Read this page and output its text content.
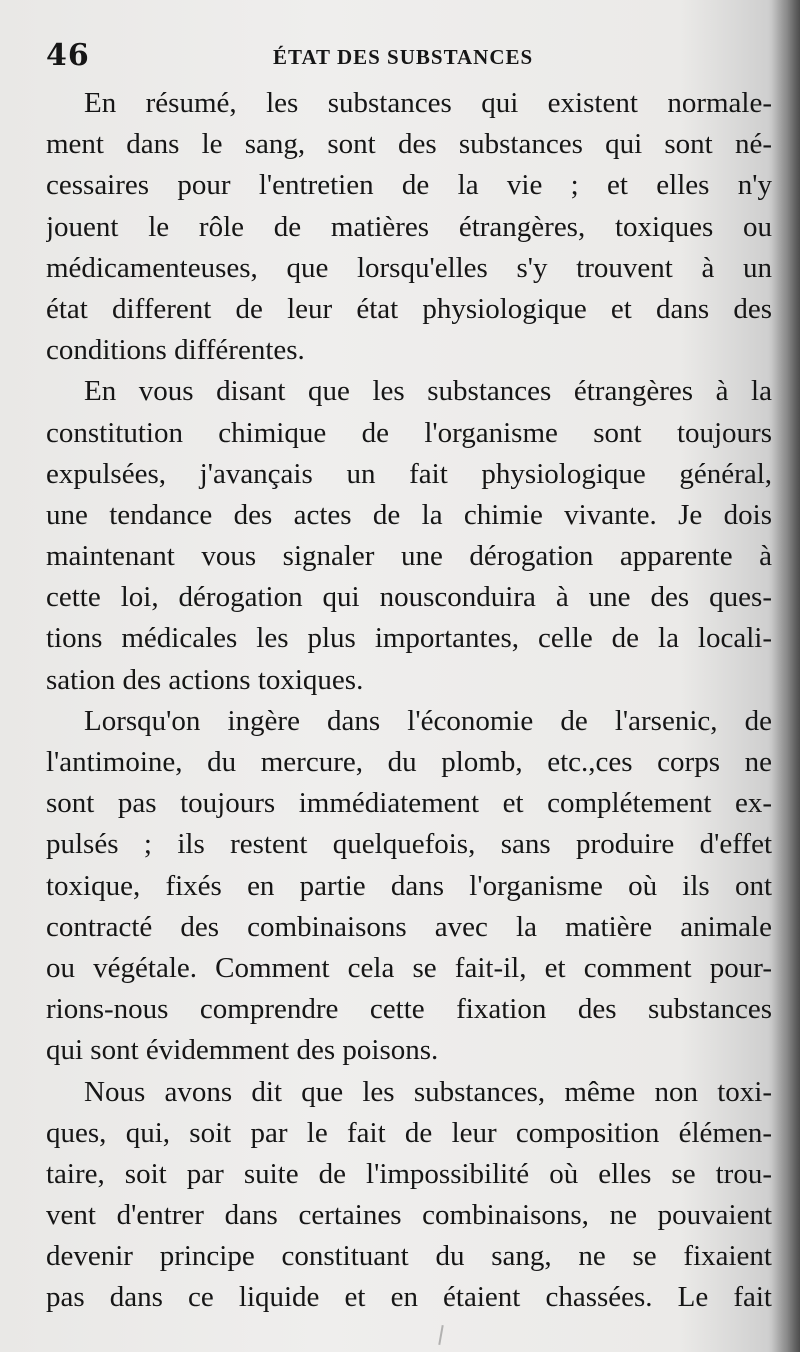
46	ÉTAT DES SUBSTANCES
En résumé, les substances qui existent normale-
ment dans le sang, sont des substances qui sont né-
cessaires pour l'entretien de la vie ; et elles n'y
jouent le rôle de matières étrangères, toxiques ou
médicamenteuses, que lorsqu'elles s'y trouvent à un
état different de leur état physiologique et dans des
conditions différentes.
En vous disant que les substances étrangères à la
constitution chimique de l'organisme sont toujours
expulsées, j'avançais un fait physiologique général,
une tendance des actes de la chimie vivante. Je dois
maintenant vous signaler une dérogation apparente à
cette loi, dérogation qui nousconduira à une des ques-
tions médicales les plus importantes, celle de la locali-
sation des actions toxiques.
Lorsqu'on ingère dans l'économie de l'arsenic, de
l'antimoine, du mercure, du plomb, etc.,ces corps ne
sont pas toujours immédiatement et complétement ex-
pulsés ; ils restent quelquefois, sans produire d'effet
toxique, fixés en partie dans l'organisme où ils ont
contracté des combinaisons avec la matière animale
ou végétale. Comment cela se fait-il, et comment pour-
rions-nous comprendre cette fixation des substances
qui sont évidemment des poisons.
Nous avons dit que les substances, même non toxi-
ques, qui, soit par le fait de leur composition élémen-
taire, soit par suite de l'impossibilité où elles se trou-
vent d'entrer dans certaines combinaisons, ne pouvaient
devenir principe constituant du sang, ne se fixaient
pas dans ce liquide et en étaient chassées. Le fait
